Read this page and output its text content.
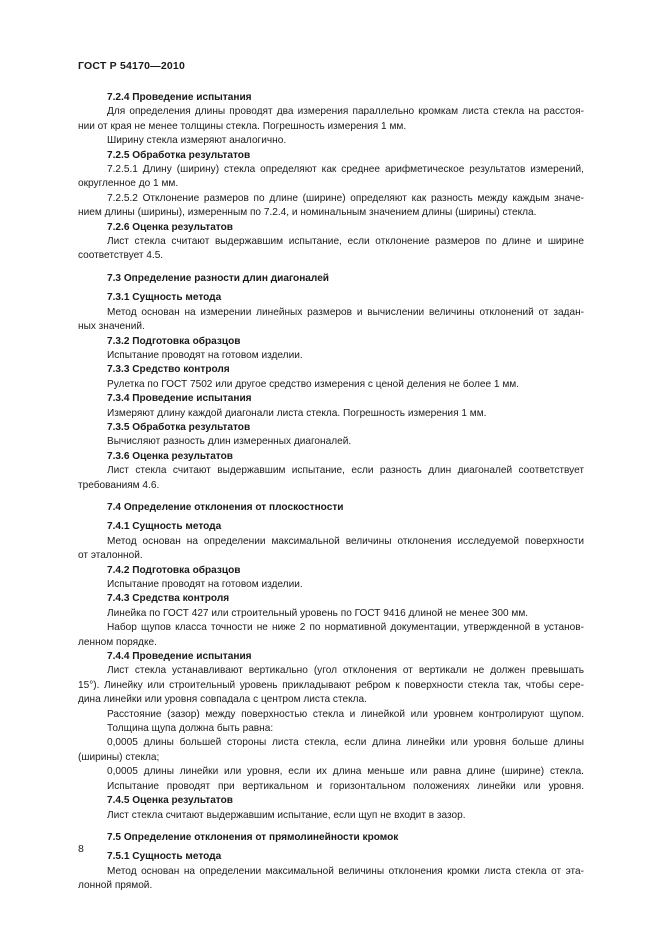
ГОСТ Р 54170—2010
7.2.4 Проведение испытания
Для определения длины проводят два измерения параллельно кромкам листа стекла на расстоя-
нии от края не менее толщины стекла. Погрешность измерения 1 мм.
Ширину стекла измеряют аналогично.
7.2.5 Обработка результатов
7.2.5.1 Длину (ширину) стекла определяют как среднее арифметическое результатов измерений,
округленное до 1 мм.
7.2.5.2 Отклонение размеров по длине (ширине) определяют как разность между каждым значе-
нием длины (ширины), измеренным по 7.2.4, и номинальным значением длины (ширины) стекла.
7.2.6 Оценка результатов
Лист стекла считают выдержавшим испытание, если отклонение размеров по длине и ширине
соответствует 4.5.
7.3 Определение разности длин диагоналей
7.3.1 Сущность метода
Метод основан на измерении линейных размеров и вычислении величины отклонений от задан-
ных значений.
7.3.2 Подготовка образцов
Испытание проводят на готовом изделии.
7.3.3 Средство контроля
Рулетка по ГОСТ 7502 или другое средство измерения с ценой деления не более 1 мм.
7.3.4 Проведение испытания
Измеряют длину каждой диагонали листа стекла. Погрешность измерения 1 мм.
7.3.5 Обработка результатов
Вычисляют разность длин измеренных диагоналей.
7.3.6 Оценка результатов
Лист стекла считают выдержавшим испытание, если разность длин диагоналей соответствует
требованиям 4.6.
7.4 Определение отклонения от плоскостности
7.4.1 Сущность метода
Метод основан на определении максимальной величины отклонения исследуемой поверхности
от эталонной.
7.4.2 Подготовка образцов
Испытание проводят на готовом изделии.
7.4.3 Средства контроля
Линейка по ГОСТ 427 или строительный уровень по ГОСТ 9416 длиной не менее 300 мм.
Набор щупов класса точности не ниже 2 по нормативной документации, утвержденной в установ-
ленном порядке.
7.4.4 Проведение испытания
Лист стекла устанавливают вертикально (угол отклонения от вертикали не должен превышать
15°). Линейку или строительный уровень прикладывают ребром к поверхности стекла так, чтобы сере-
дина линейки или уровня совпадала с центром листа стекла.
Расстояние (зазор) между поверхностью стекла и линейкой или уровнем контролируют щупом.
Толщина щупа должна быть равна:
0,0005 длины большей стороны листа стекла, если длина линейки или уровня больше длины
(ширины) стекла;
0,0005 длины линейки или уровня, если их длина меньше или равна длине (ширине) стекла.
Испытание проводят при вертикальном и горизонтальном положениях линейки или уровня.
7.4.5 Оценка результатов
Лист стекла считают выдержавшим испытание, если щуп не входит в зазор.
7.5 Определение отклонения от прямолинейности кромок
7.5.1 Сущность метода
Метод основан на определении максимальной величины отклонения кромки листа стекла от эта-
лонной прямой.
8
